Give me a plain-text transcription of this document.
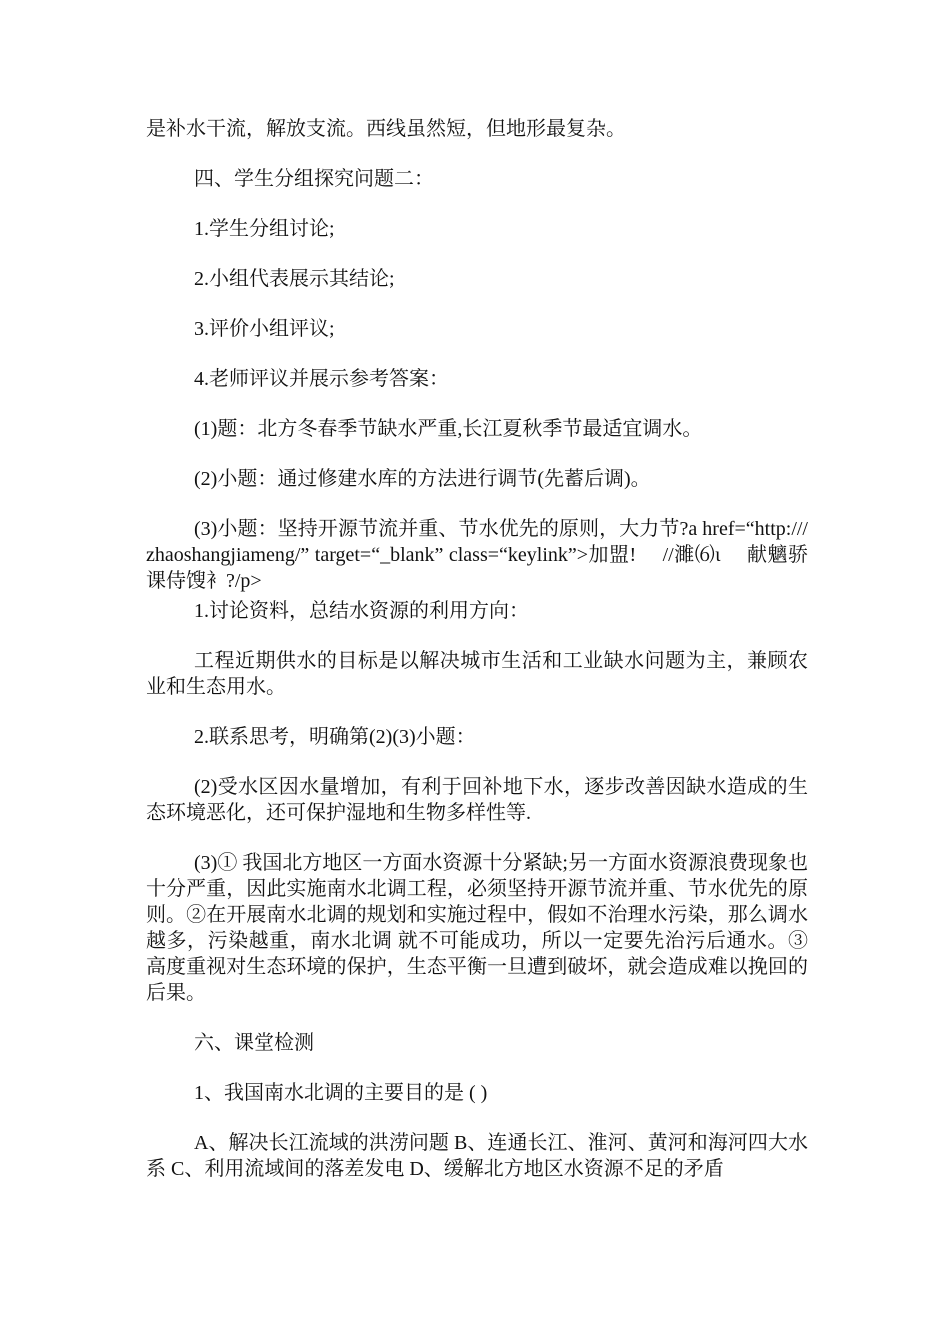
是补水干流，解放支流。西线虽然短，但地形最复杂。

四、学生分组探究问题二：

1.学生分组讨论;

2.小组代表展示其结论;

3.评价小组评议;

4.老师评议并展示参考答案：

(1)题：北方冬春季节缺水严重,长江夏秋季节最适宜调水。

(2)小题：通过修建水库的方法进行调节(先蓄后调)。

(3)小题：坚持开源节流并重、节水优先的原则，大力节?a href=“http:///zhaoshangjiameng/” target=“_blank” class=“keylink”>加盟!　 //濉⑹ι　 献魑骄课侍馊衤?/p>

1.讨论资料，总结水资源的利用方向：

工程近期供水的目标是以解决城市生活和工业缺水问题为主，兼顾农业和生态用水。

2.联系思考，明确第(2)(3)小题：

(2)受水区因水量增加，有利于回补地下水，逐步改善因缺水造成的生态环境恶化，还可保护湿地和生物多样性等.

(3)① 我国北方地区一方面水资源十分紧缺;另一方面水资源浪费现象也十分严重，因此实施南水北调工程，必须坚持开源节流并重、节水优先的原则。②在开展南水北调的规划和实施过程中，假如不治理水污染，那么调水越多，污染越重，南水北调 就不可能成功，所以一定要先治污后通水。③高度重视对生态环境的保护，生态平衡一旦遭到破坏，就会造成难以挽回的后果。

六、课堂检测

1、我国南水北调的主要目的是 ( )

A、解决长江流域的洪涝问题 B、连通长江、淮河、黄河和海河四大水系 C、利用流域间的落差发电 D、缓解北方地区水资源不足的矛盾
